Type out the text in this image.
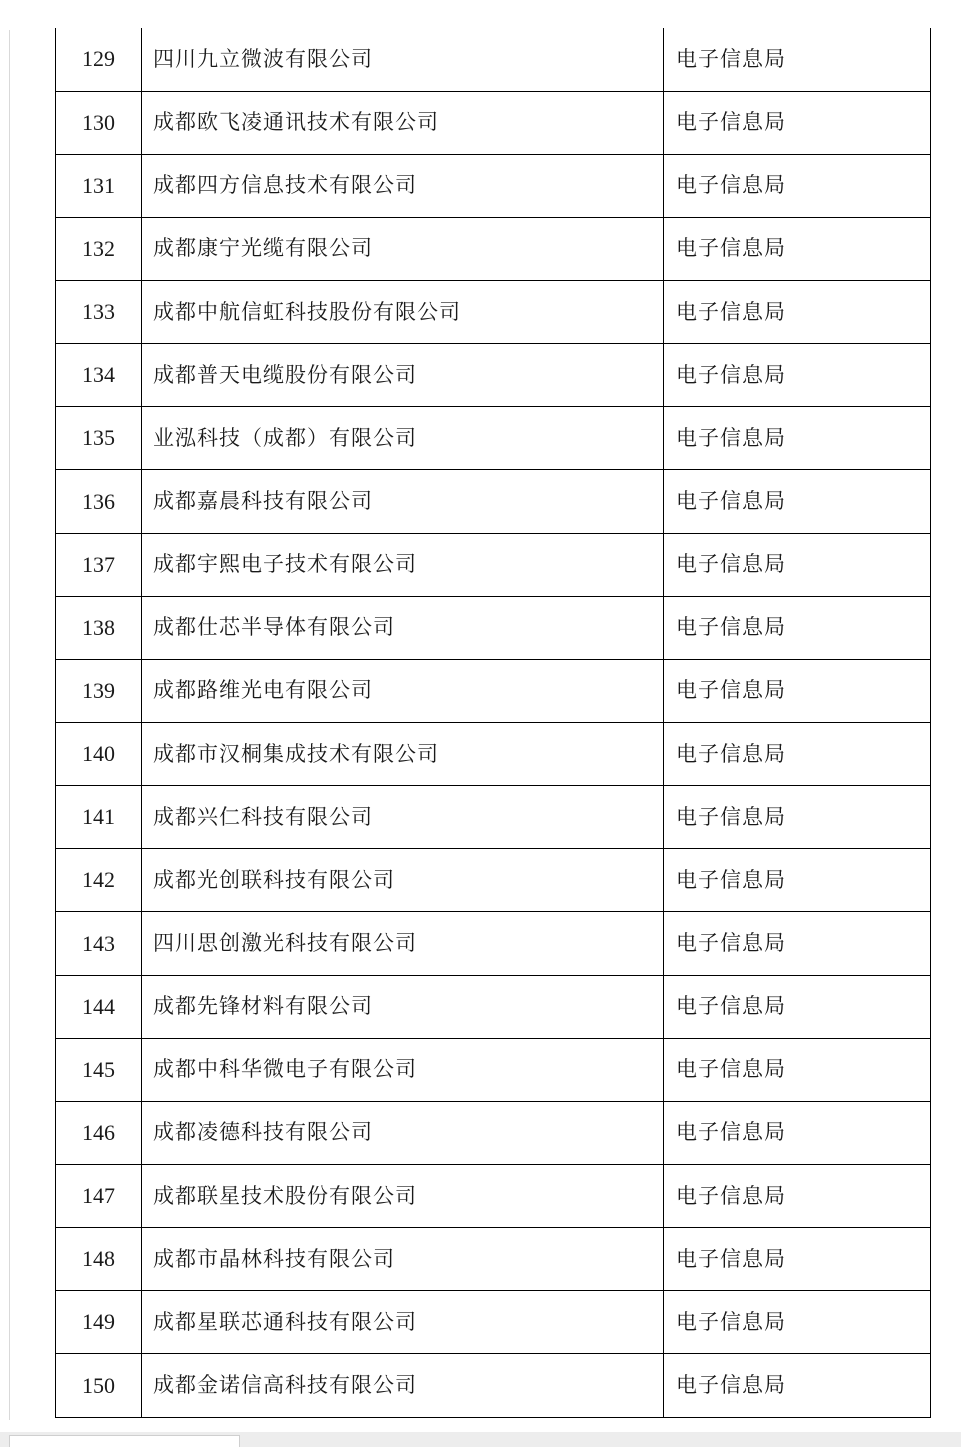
129	四川九立微波有限公司	电子信息局
130	成都欧飞凌通讯技术有限公司	电子信息局
131	成都四方信息技术有限公司	电子信息局
132	成都康宁光缆有限公司	电子信息局
133	成都中航信虹科技股份有限公司	电子信息局
134	成都普天电缆股份有限公司	电子信息局
135	业泓科技（成都）有限公司	电子信息局
136	成都嘉晨科技有限公司	电子信息局
137	成都宇熙电子技术有限公司	电子信息局
138	成都仕芯半导体有限公司	电子信息局
139	成都路维光电有限公司	电子信息局
140	成都市汉桐集成技术有限公司	电子信息局
141	成都兴仁科技有限公司	电子信息局
142	成都光创联科技有限公司	电子信息局
143	四川思创激光科技有限公司	电子信息局
144	成都先锋材料有限公司	电子信息局
145	成都中科华微电子有限公司	电子信息局
146	成都凌德科技有限公司	电子信息局
147	成都联星技术股份有限公司	电子信息局
148	成都市晶林科技有限公司	电子信息局
149	成都星联芯通科技有限公司	电子信息局
150	成都金诺信高科技有限公司	电子信息局
